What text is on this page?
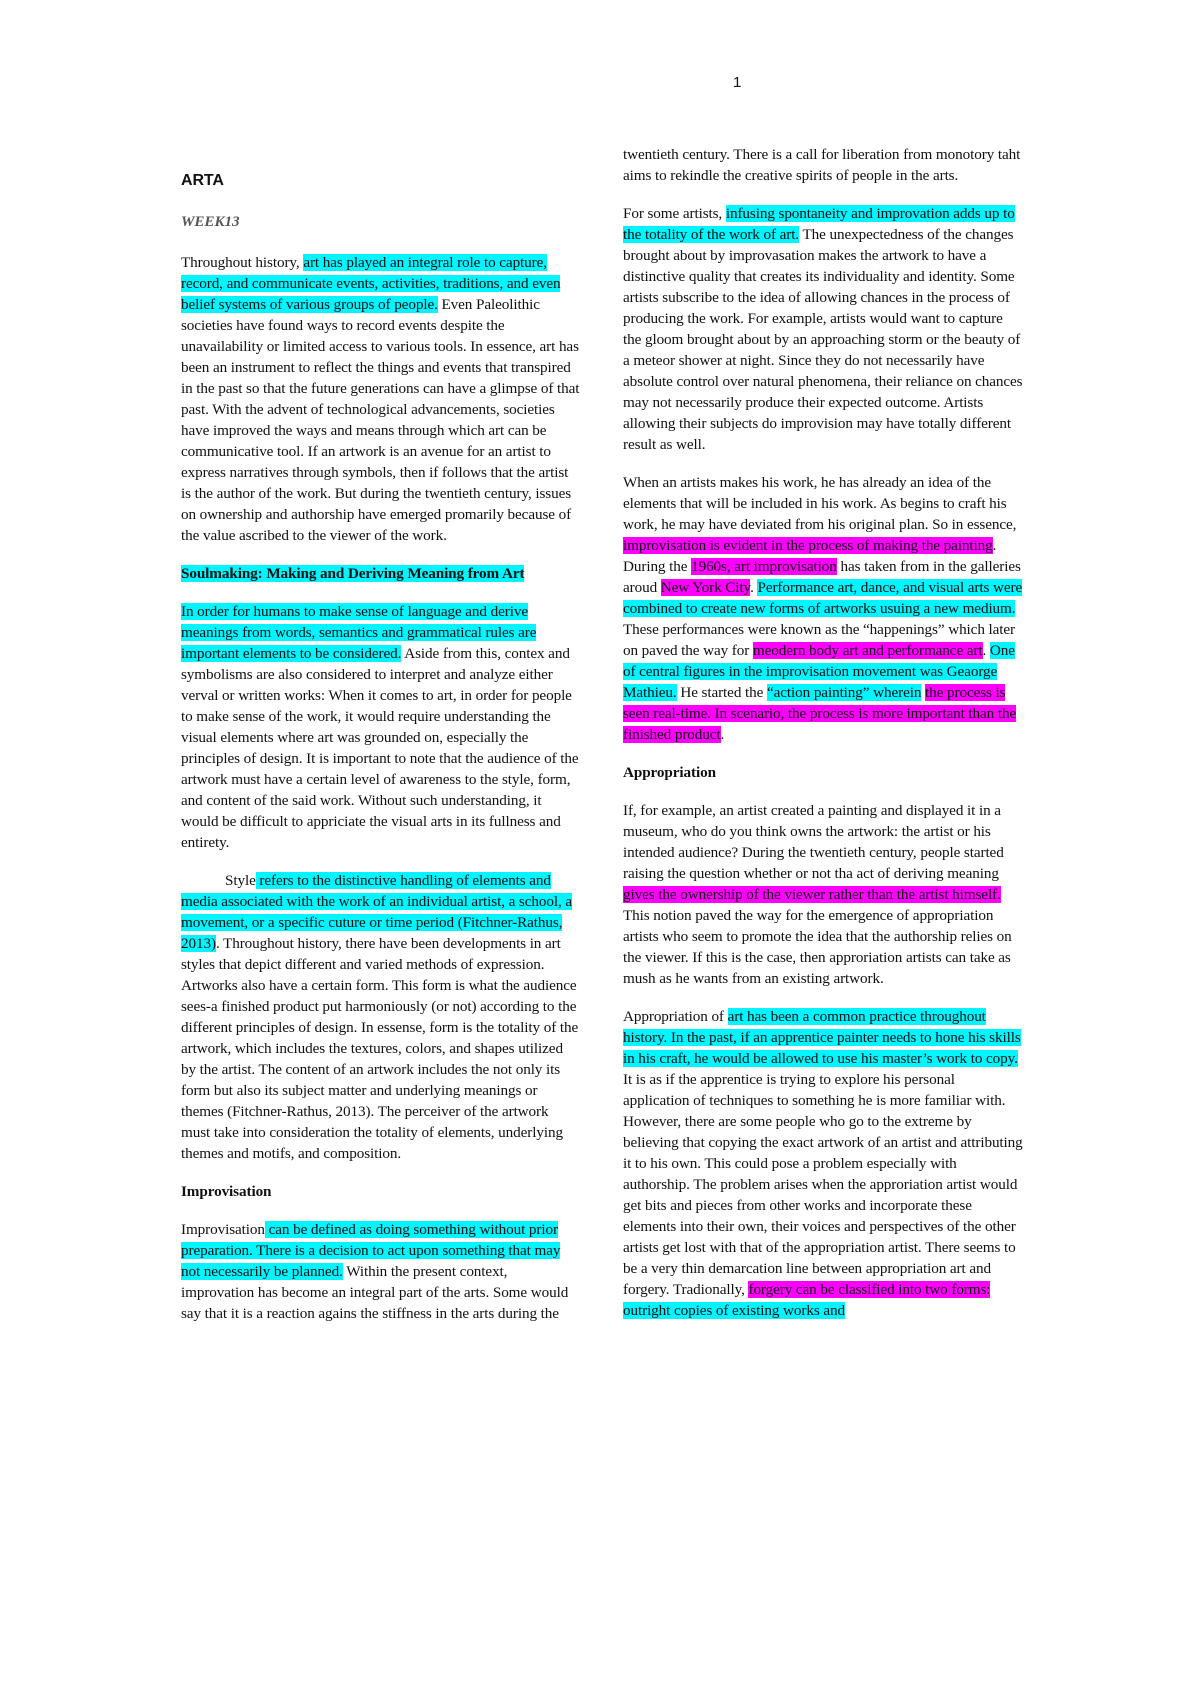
1
ARTA
WEEK13

Throughout history, art has played an integral role to capture, record, and communicate events, activities, traditions, and even belief systems of various groups of people. Even Paleolithic societies have found ways to record events despite the unavailability or limited access to various tools. In essence, art has been an instrument to reflect the things and events that transpired in the past so that the future generations can have a glimpse of that past. With the advent of technological advancements, societies have improved the ways and means through which art can be communicative tool. If an artwork is an avenue for an artist to express narratives through symbols, then if follows that the artist is the author of the work. But during the twentieth century, issues on ownership and authorship have emerged promarily because of the value ascribed to the viewer of the work.

Soulmaking: Making and Deriving Meaning from Art

In order for humans to make sense of language and derive meanings from words, semantics and grammatical rules are important elements to be considered. Aside from this, contex and symbolisms are also considered to interpret and analyze either verval or written works: When it comes to art, in order for people to make sense of the work, it would require understanding the visual elements where art was grounded on, especially the principles of design. It is important to note that the audience of the artwork must have a certain level of awareness to the style, form, and content of the said work. Without such understanding, it would be difficult to appriciate the visual arts in its fullness and entirety.

Style refers to the distinctive handling of elements and media associated with the work of an individual artist, a school, a movement, or a specific cuture or time period (Fitchner-Rathus, 2013). Throughout history, there have been developments in art styles that depict different and varied methods of expression. Artworks also have a certain form. This form is what the audience sees-a finished product put harmoniously (or not) according to the different principles of design. In essense, form is the totality of the artwork, which includes the textures, colors, and shapes utilized by the artist. The content of an artwork includes the not only its form but also its subject matter and underlying meanings or themes (Fitchner-Rathus, 2013). The perceiver of the artwork must take into consideration the totality of elements, underlying themes and motifs, and composition.

Improvisation

Improvisation can be defined as doing something without prior preparation. There is a decision to act upon something that may not necessarily be planned. Within the present context, improvation has become an integral part of the arts. Some would say that it is a reaction agains the stiffness in the arts during the

twentieth century. There is a call for liberation from monotory taht aims to rekindle the creative spirits of people in the arts.

For some artists, infusing spontaneity and improvation adds up to the totality of the work of art. The unexpectedness of the changes brought about by improvasation makes the artwork to have a distinctive quality that creates its individuality and identity. Some artists subscribe to the idea of allowing chances in the process of producing the work. For example, artists would want to capture the gloom brought about by an approaching storm or the beauty of a meteor shower at night. Since they do not necessarily have absolute control over natural phenomena, their reliance on chances may not necessarily produce their expected outcome. Artists allowing their subjects do improvision may have totally different result as well.

When an artists makes his work, he has already an idea of the elements that will be included in his work. As begins to craft his work, he may have deviated from his original plan. So in essence, improvisation is evident in the process of making the painting. During the 1960s, art improvisation has taken from in the galleries aroud New York City. Performance art, dance, and visual arts were combined to create new forms of artworks usuing a new medium. These performances were known as the “happenings” which later on paved the way for meodern body art and performance art. One of central figures in the improvisation movement was Geaorge Mathieu. He started the “action painting” wherein the process is seen real-time. In scenario, the process is more important than the finished product.

Appropriation

If, for example, an artist created a painting and displayed it in a museum, who do you think owns the artwork: the artist or his intended audience? During the twentieth century, people started raising the question whether or not tha act of deriving meaning gives the ownership of the viewer rather than the artist himself. This notion paved the way for the emergence of appropriation artists who seem to promote the idea that the authorship relies on the viewer. If this is the case, then approriation artists can take as mush as he wants from an existing artwork.

Appropriation of art has been a common practice throughout history. In the past, if an apprentice painter needs to hone his skills in his craft, he would be allowed to use his master’s work to copy. It is as if the apprentice is trying to explore his personal application of techniques to something he is more familiar with. However, there are some people who go to the extreme by believing that copying the exact artwork of an artist and attributing it to his own. This could pose a problem especially with authorship. The problem arises when the approriation artist would get bits and pieces from other works and incorporate these elements into their own, their voices and perspectives of the other artists get lost with that of the appropriation artist. There seems to be a very thin demarcation line between appropriation art and forgery. Tradionally, forgery can be classified into two forms: outright copies of existing works and
